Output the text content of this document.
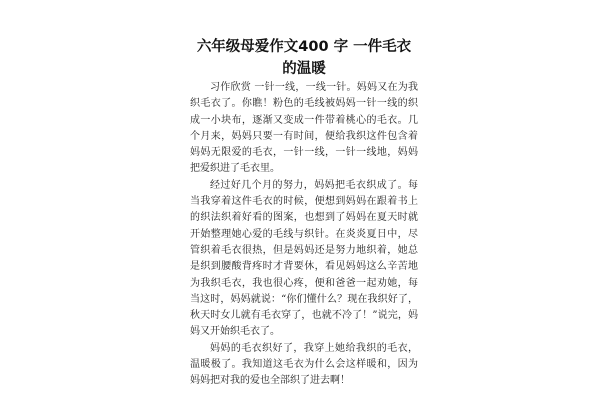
六年级母爱作文400 字 一件毛衣的温暖

习作欣赏 一针一线，一线一针。妈妈又在为我织毛衣了。你瞧！粉色的毛线被妈妈一针一线的织成一小块布，逐渐又变成一件带着桃心的毛衣。几个月来，妈妈只要一有时间，便给我织这件包含着妈妈无限爱的毛衣，一针一线，一针一线地，妈妈把爱织进了毛衣里。

经过好几个月的努力，妈妈把毛衣织成了。每当我穿着这件毛衣的时候，便想到妈妈在跟着书上的织法织着好看的图案，也想到了妈妈在夏天时就开始整理她心爱的毛线与织针。在炎炎夏日中，尽管织着毛衣很热，但是妈妈还是努力地织着，她总是织到腰酸背疼时才背要休，看见妈妈这么辛苦地为我织毛衣，我也很心疼，便和爸爸一起劝她，每当这时，妈妈就说：“你们懂什么？现在我织好了，秋天时女儿就有毛衣穿了，也就不冷了！”说完，妈妈又开始织毛衣了。

妈妈的毛衣织好了，我穿上她给我织的毛衣，温暖极了。我知道这毛衣为什么会这样暖和，因为妈妈把对我的爱也全部织了进去啊！
